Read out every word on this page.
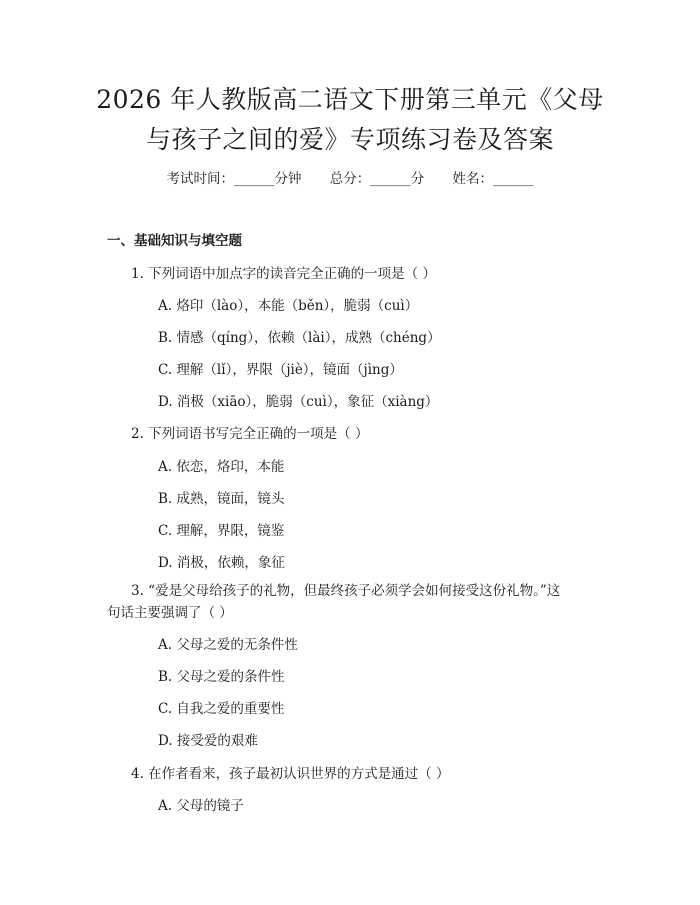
2026 年人教版高二语文下册第三单元《父母
与孩子之间的爱》专项练习卷及答案
考试时间：______分钟 总分：______分 姓名：______
一、基础知识与填空题
1. 下列词语中加点字的读音完全正确的一项是（ ）
A. 烙印（lào），本能（běn），脆弱（cuì）
B. 情感（qíng），依赖（lài），成熟（chéng）
C. 理解（lǐ），界限（jiè），镜面（jìng）
D. 消极（xiāo），脆弱（cuì），象征（xiàng）
2. 下列词语书写完全正确的一项是（ ）
A. 依恋，烙印，本能
B. 成熟，镜面，镜头
C. 理解，界限，镜鉴
D. 消极，依赖，象征
3. “爱是父母给孩子的礼物，但最终孩子必须学会如何接受这份礼物。”这
句话主要强调了（ ）
A. 父母之爱的无条件性
B. 父母之爱的条件性
C. 自我之爱的重要性
D. 接受爱的艰难
4. 在作者看来，孩子最初认识世界的方式是通过（ ）
A. 父母的镜子
